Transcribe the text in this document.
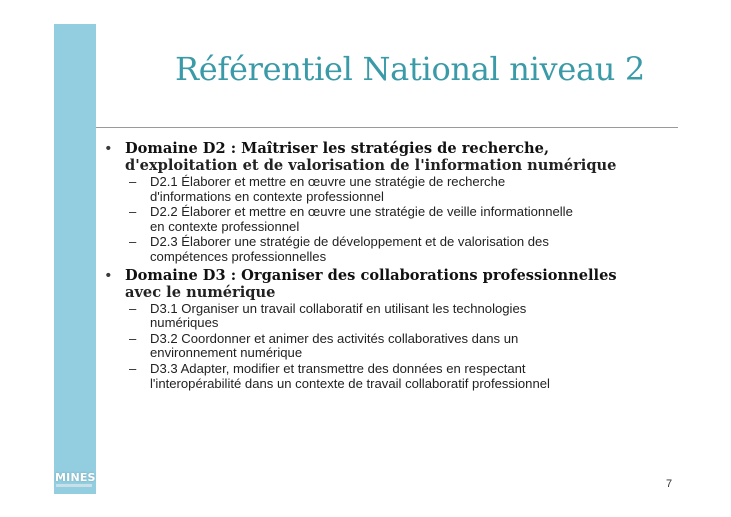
Référentiel National niveau 2
• Domaine D2 : Maîtriser les stratégies de recherche,
d'exploitation et de valorisation de l'information numérique
– D2.1 Élaborer et mettre en œuvre une stratégie de recherche
d'informations en contexte professionnel
– D2.2 Élaborer et mettre en œuvre une stratégie de veille informationnelle
en contexte professionnel
– D2.3 Élaborer une stratégie de développement et de valorisation des
compétences professionnelles
• Domaine D3 : Organiser des collaborations professionnelles
avec le numérique
– D3.1 Organiser un travail collaboratif en utilisant les technologies
numériques
– D3.2 Coordonner et animer des activités collaboratives dans un
environnement numérique
– D3.3 Adapter, modifier et transmettre des données en respectant
l'interopérabilité dans un contexte de travail collaboratif professionnel
MINES	7
